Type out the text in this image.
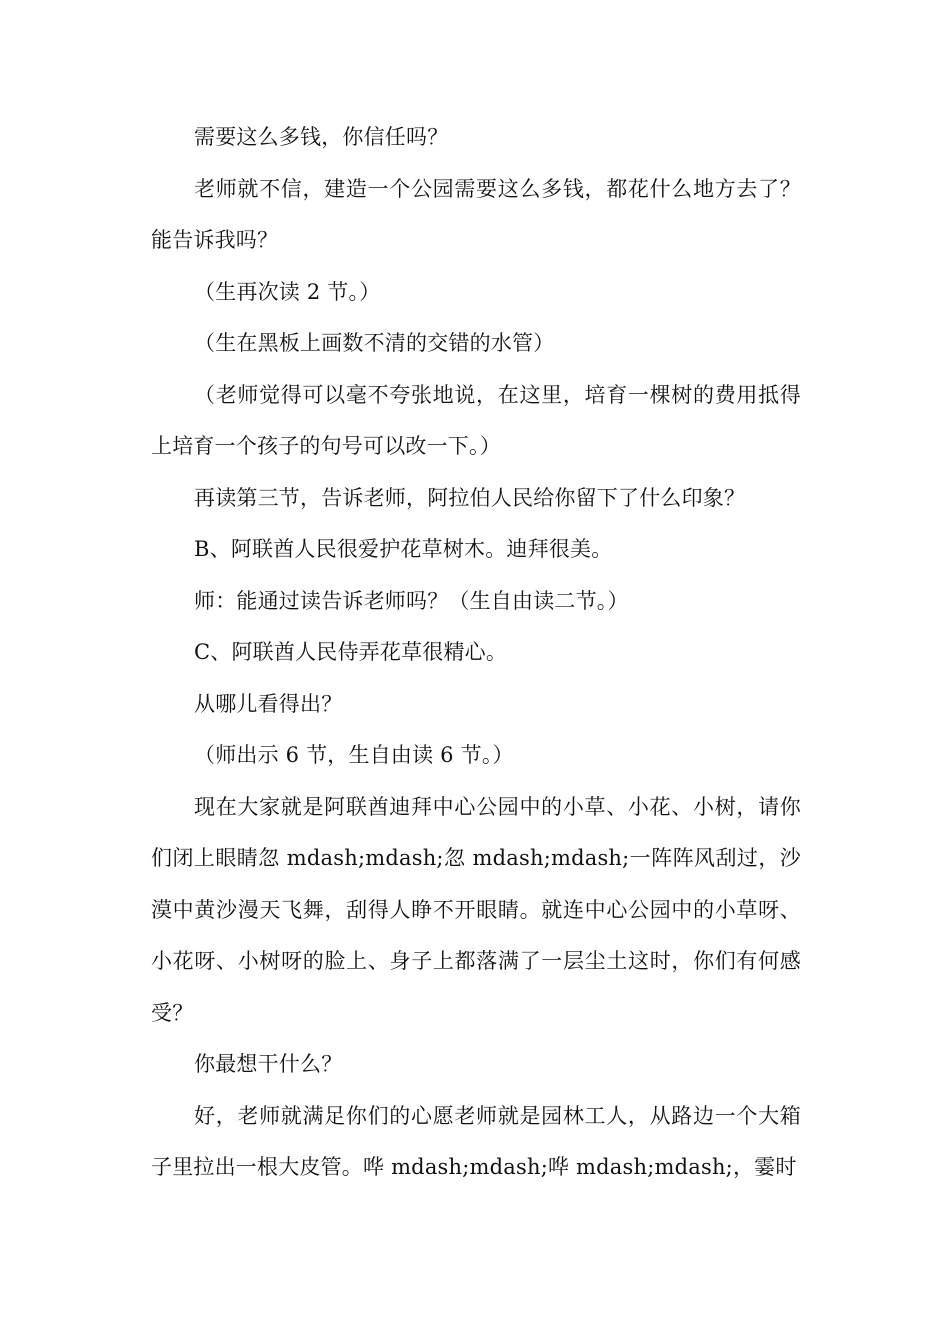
需要这么多钱，你信任吗？

老师就不信，建造一个公园需要这么多钱，都花什么地方去了？能告诉我吗？

（生再次读 2 节。）

（生在黑板上画数不清的交错的水管）

（老师觉得可以毫不夸张地说，在这里，培育一棵树的费用抵得上培育一个孩子的句号可以改一下。）

再读第三节，告诉老师，阿拉伯人民给你留下了什么印象？

B、阿联酋人民很爱护花草树木。迪拜很美。

师：能通过读告诉老师吗？（生自由读二节。）

C、阿联酋人民侍弄花草很精心。

从哪儿看得出？

（师出示 6 节，生自由读 6 节。）

现在大家就是阿联酋迪拜中心公园中的小草、小花、小树，请你们闭上眼睛忽 mdash;mdash;忽 mdash;mdash;一阵阵风刮过，沙漠中黄沙漫天飞舞，刮得人睁不开眼睛。就连中心公园中的小草呀、小花呀、小树呀的脸上、身子上都落满了一层尘土这时，你们有何感受？

你最想干什么？

好，老师就满足你们的心愿老师就是园林工人，从路边一个大箱子里拉出一根大皮管。哗 mdash;mdash;哗 mdash;mdash;，霎时
